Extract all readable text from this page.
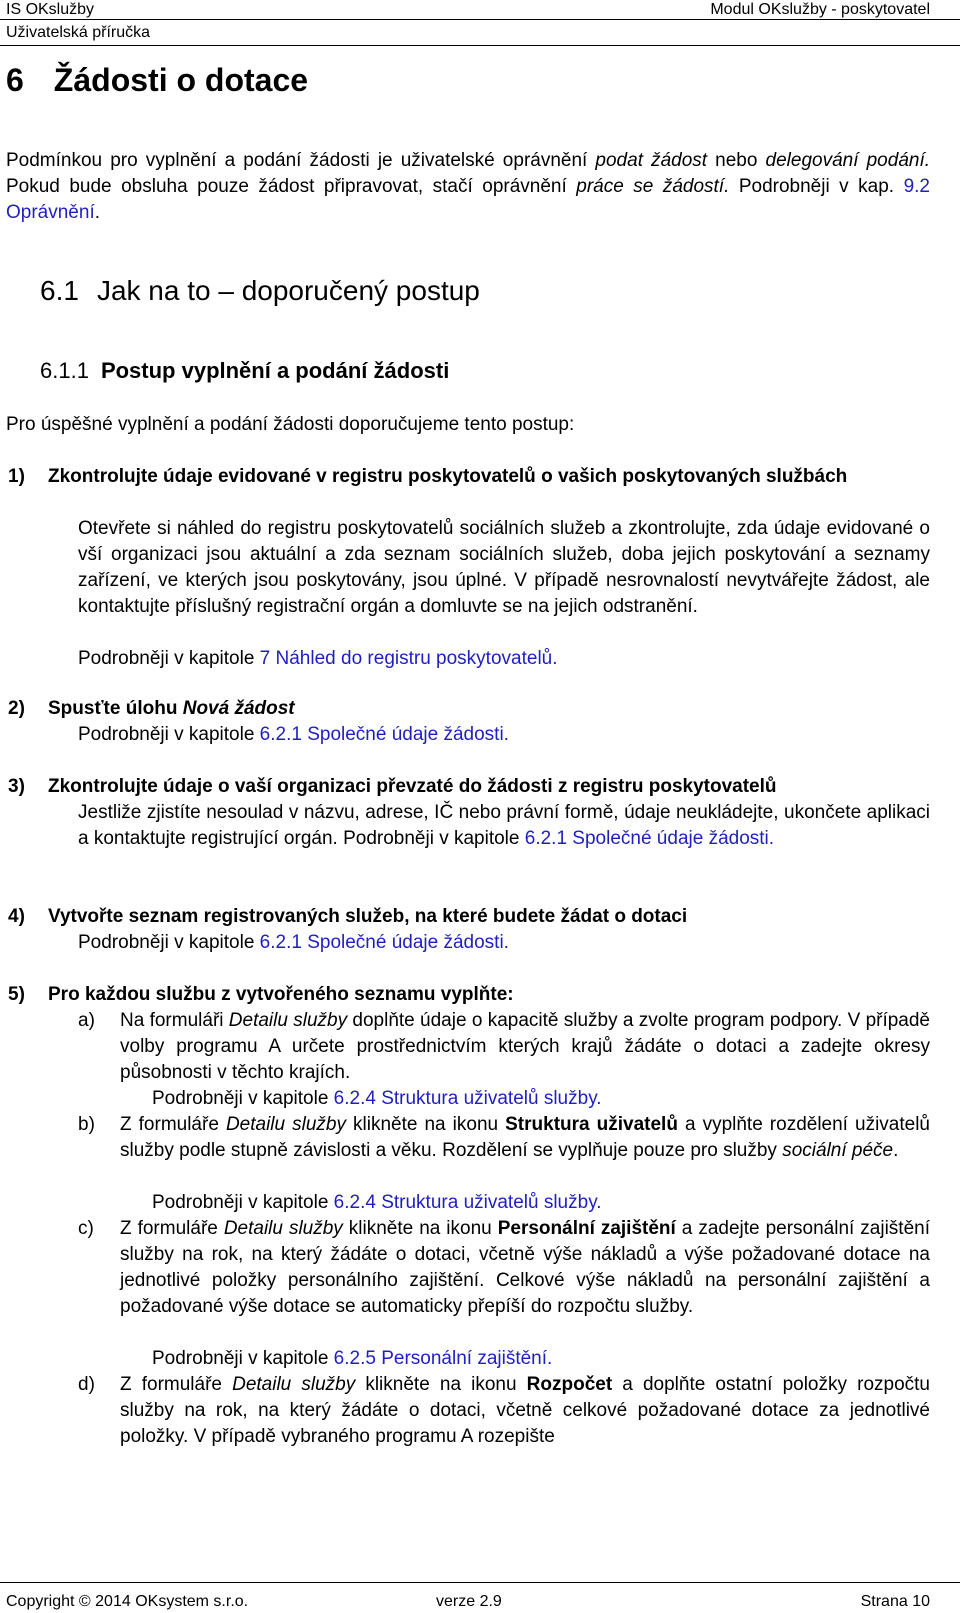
IS OKslužby	Modul OKslužby - poskytovatel
Uživatelská příručka
6 Žádosti o dotace
Podmínkou pro vyplnění a podání žádosti je uživatelské oprávnění podat žádost nebo delegování podání. Pokud bude obsluha pouze žádost připravovat, stačí oprávnění práce se žádostí. Podrobněji v kap. 9.2 Oprávnění.
6.1 Jak na to – doporučený postup
6.1.1 Postup vyplnění a podání žádosti
Pro úspěšné vyplnění a podání žádosti doporučujeme tento postup:
1) Zkontrolujte údaje evidované v registru poskytovatelů o vašich poskytovaných službách
Otevřete si náhled do registru poskytovatelů sociálních služeb a zkontrolujte, zda údaje evidované o vší organizaci jsou aktuální a zda seznam sociálních služeb, doba jejich poskytování a seznamy zařízení, ve kterých jsou poskytovány, jsou úplné. V případě nesrovnalostí nevytvářejte žádost, ale kontaktujte příslušný registrační orgán a domluvte se na jejich odstranění.
Podrobněji v kapitole 7 Náhled do registru poskytovatelů.
2) Spusťte úlohu Nová žádost
Podrobněji v kapitole 6.2.1 Společné údaje žádosti.
3) Zkontrolujte údaje o vaší organizaci převzaté do žádosti z registru poskytovatelů
Jestliže zjistíte nesoulad v názvu, adrese, IČ nebo právní formě, údaje neukládejte, ukončete aplikaci a kontaktujte registrující orgán. Podrobněji v kapitole 6.2.1 Společné údaje žádosti.
4) Vytvořte seznam registrovaných služeb, na které budete žádat o dotaci
Podrobněji v kapitole 6.2.1 Společné údaje žádosti.
5) Pro každou službu z vytvořeného seznamu vyplňte:
a) Na formuláři Detailu služby doplňte údaje o kapacitě služby a zvolte program podpory. V případě volby programu A určete prostřednictvím kterých krajů žádáte o dotaci a zadejte okresy působnosti v těchto krajích.
Podrobněji v kapitole 6.2.4 Struktura uživatelů služby.
b) Z formuláře Detailu služby klikněte na ikonu Struktura uživatelů a vyplňte rozdělení uživatelů služby podle stupně závislosti a věku. Rozdělení se vyplňuje pouze pro služby sociální péče.
Podrobněji v kapitole 6.2.4 Struktura uživatelů služby.
c) Z formuláře Detailu služby klikněte na ikonu Personální zajištění a zadejte personální zajištění služby na rok, na který žádáte o dotaci, včetně výše nákladů a výše požadované dotace na jednotlivé položky personálního zajištění. Celkové výše nákladů na personální zajištění a požadované výše dotace se automaticky přepíší do rozpočtu služby.
Podrobněji v kapitole 6.2.5 Personální zajištění.
d) Z formuláře Detailu služby klikněte na ikonu Rozpočet a doplňte ostatní položky rozpočtu služby na rok, na který žádáte o dotaci, včetně celkové požadované dotace za jednotlivé položky. V případě vybraného programu A rozepište
Copyright © 2014 OKsystem s.r.o.	verze 2.9	Strana 10
